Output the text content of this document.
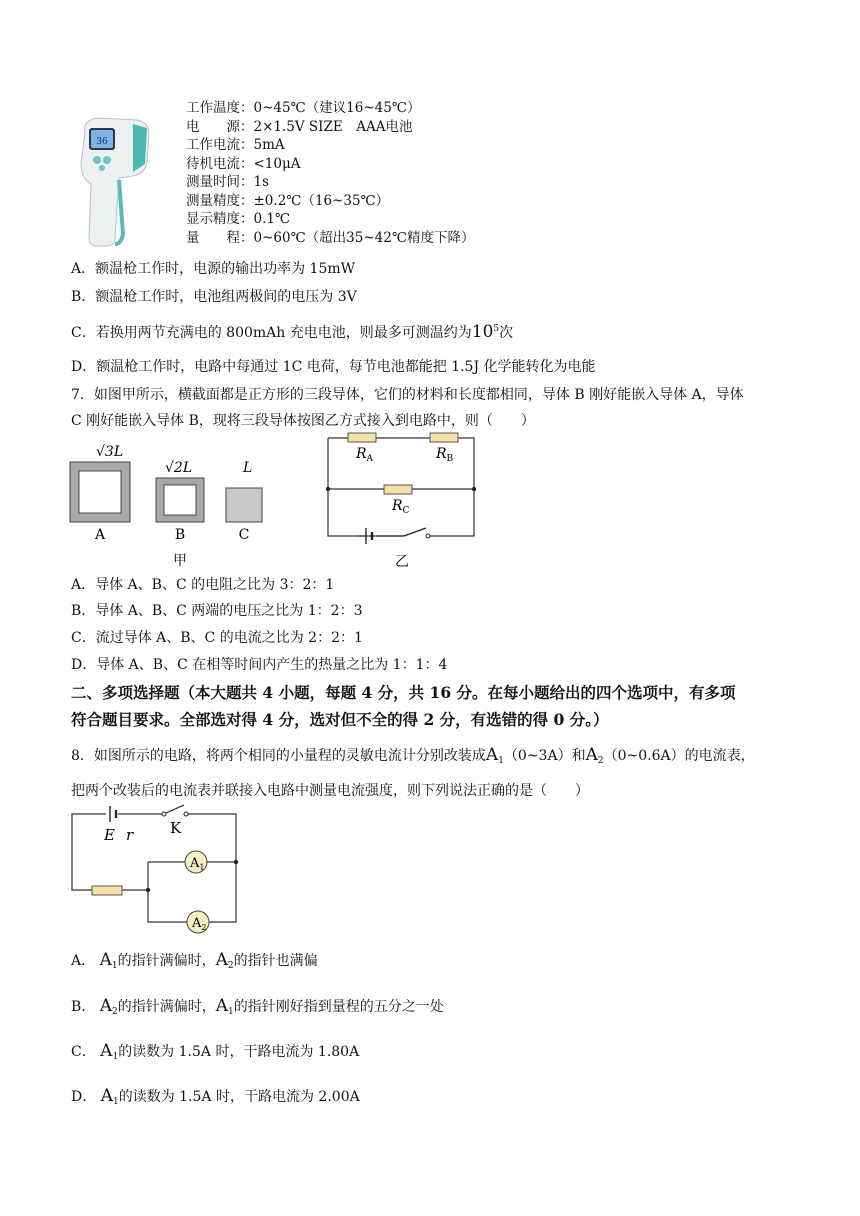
36
工作温度：0~45℃（建议16~45℃）
电　　源：2×1.5V SIZE　AAA电池
工作电流：5mA
待机电流：<10μA
测量时间：1s
测量精度：±0.2℃（16~35℃）
显示精度：0.1℃
量　　程：0~60℃（超出35~42℃精度下降）
A．额温枪工作时，电源的输出功率为 15mW
B．额温枪工作时，电池组两极间的电压为 3V
C．若换用两节充满电的 800mAh 充电电池，则最多可测温约为$10^5$次
D．额温枪工作时，电路中每通过 1C 电荷，每节电池都能把 1.5J 化学能转化为电能
7．如图甲所示，横截面都是正方形的三段导体，它们的材料和长度都相同，导体 B 刚好能嵌入导体 A，导体
C 刚好能嵌入导体 B，现将三段导体按图乙方式接入到电路中，则（　　）
√3L
√2L	L
A	B	C
甲
$R_A$	$R_B$
$R_C$
乙
A．导体 A、B、C 的电阻之比为 3：2：1
B．导体 A、B、C 两端的电压之比为 1：2：3
C．流过导体 A、B、C 的电流之比为 2：2：1
D．导体 A、B、C 在相等时间内产生的热量之比为 1：1：4
二、多项选择题（本大题共 4 小题，每题 4 分，共 16 分。在每小题给出的四个选项中，有多项
符合题目要求。全部选对得 4 分，选对但不全的得 2 分，有选错的得 0 分。）
8．如图所示的电路，将两个相同的小量程的灵敏电流计分别改装成$A_1(0\sim 3A)$和$A_2(0\sim 0.6A)$的电流表，
把两个改装后的电流表并联接入电路中测量电流强度，则下列说法正确的是（　　）
E r K
$A_1$
$A_2$
A． $A_1$的指针满偏时，$A_2$的指针也满偏
B． $A_2$的指针满偏时，$A_1$的指针刚好指到量程的五分之一处
C． $A_1$的读数为 1.5A 时，干路电流为 1.80A
D． $A_1$的读数为 1.5A 时，干路电流为 2.00A
